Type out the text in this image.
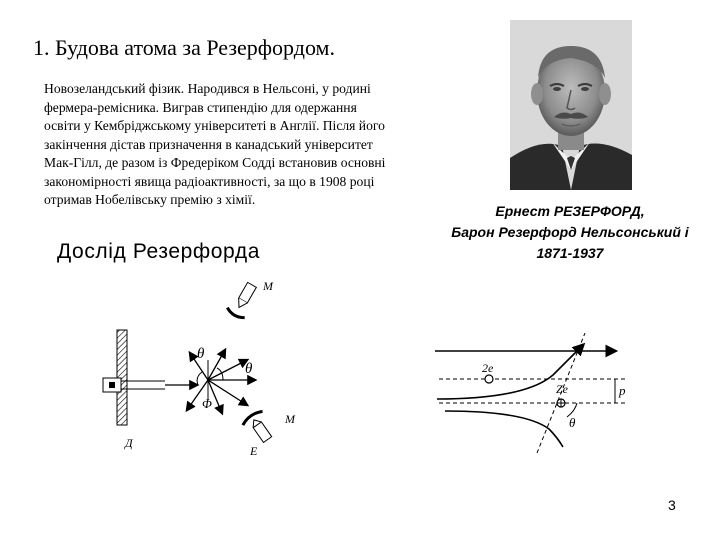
1. Будова атома за Резерфордом.
Новозеландський фізик. Народився в Нельсоні, у родині
фермера-ремісника. Виграв стипендію для одержання
освіти у Кембріджському університеті в Англії. Після його
закінчення дістав призначення в канадський університет
Мак-Гілл, де разом із Фредеріком Содді встановив основні
закономірності явища радіоактивності, за що в 1908 році
отримав Нобелівську премію з хімії.
Ернест РЕЗЕРФОРД,
Барон Резерфорд Нельсонський і
1871-1937
Дослід Резерфорда
M
θ
θ
Φ
M
Д
E
2e
Ze	p
θ
3
